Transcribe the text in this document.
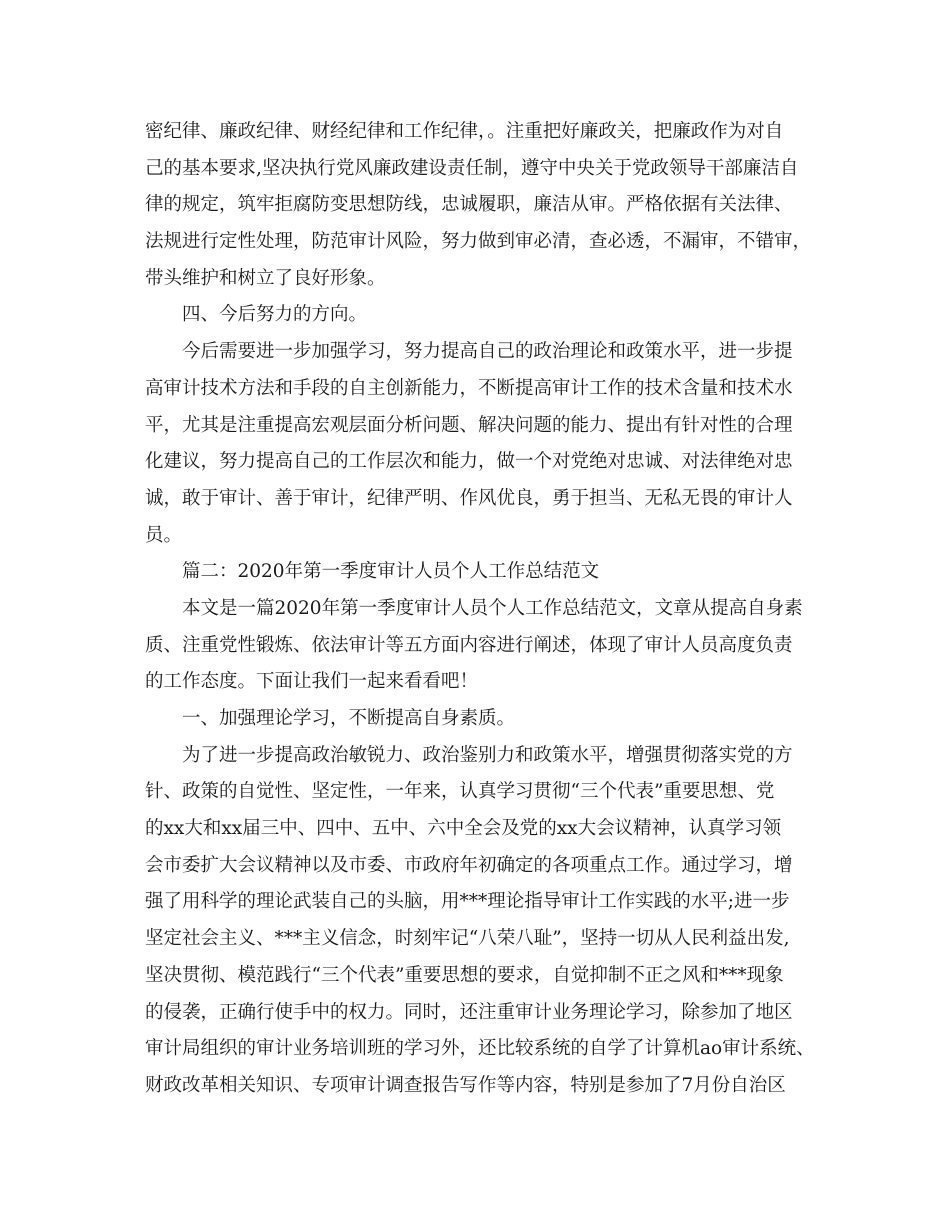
密纪律、廉政纪律、财经纪律和工作纪律，。注重把好廉政关，把廉政作为对自
己的基本要求,坚决执行党风廉政建设责任制，遵守中央关于党政领导干部廉洁自
律的规定，筑牢拒腐防变思想防线，忠诚履职，廉洁从审。严格依据有关法律、
法规进行定性处理，防范审计风险，努力做到审必清，查必透，不漏审，不错审，
带头维护和树立了良好形象。
四、今后努力的方向。
今后需要进一步加强学习，努力提高自己的政治理论和政策水平，进一步提
高审计技术方法和手段的自主创新能力，不断提高审计工作的技术含量和技术水
平，尤其是注重提高宏观层面分析问题、解决问题的能力、提出有针对性的合理
化建议，努力提高自己的工作层次和能力，做一个对党绝对忠诚、对法律绝对忠
诚，敢于审计、善于审计，纪律严明、作风优良，勇于担当、无私无畏的审计人
员。
篇二：2020年第一季度审计人员个人工作总结范文
本文是一篇2020年第一季度审计人员个人工作总结范文，文章从提高自身素
质、注重党性锻炼、依法审计等五方面内容进行阐述，体现了审计人员高度负责
的工作态度。下面让我们一起来看看吧！
一、加强理论学习，不断提高自身素质。
为了进一步提高政治敏锐力、政治鉴别力和政策水平，增强贯彻落实党的方
针、政策的自觉性、坚定性，一年来，认真学习贯彻“三个代表”重要思想、党
的xx大和xx届三中、四中、五中、六中全会及党的xx大会议精神，认真学习领
会市委扩大会议精神以及市委、市政府年初确定的各项重点工作。通过学习，增
强了用科学的理论武装自己的头脑，用***理论指导审计工作实践的水平;进一步
坚定社会主义、***主义信念，时刻牢记“八荣八耻”，坚持一切从人民利益出发,
坚决贯彻、模范践行“三个代表”重要思想的要求，自觉抑制不正之风和***现象
的侵袭，正确行使手中的权力。同时，还注重审计业务理论学习，除参加了地区
审计局组织的审计业务培训班的学习外，还比较系统的自学了计算机ao审计系统、
财政改革相关知识、专项审计调查报告写作等内容，特别是参加了7月份自治区
